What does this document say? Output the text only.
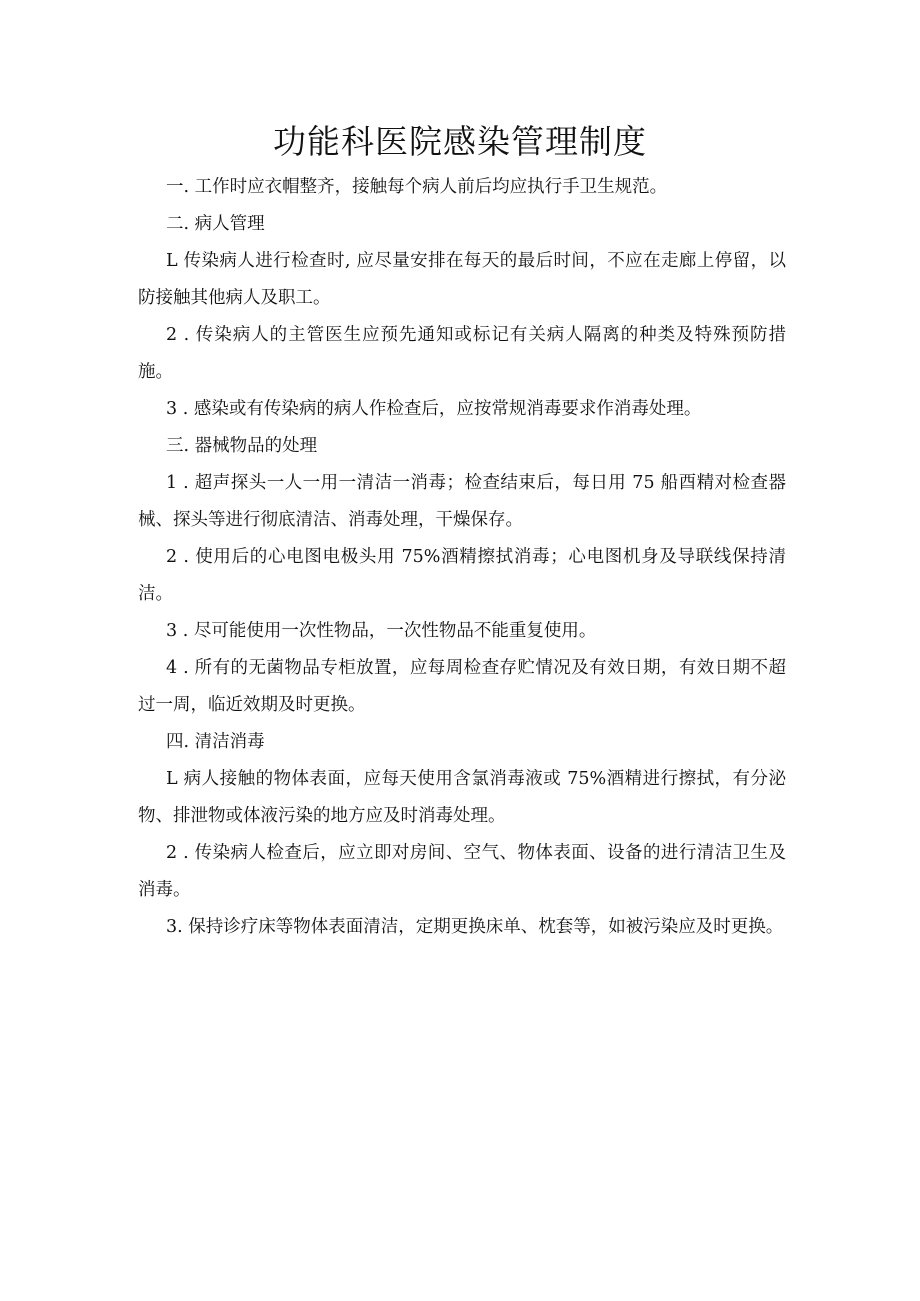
功能科医院感染管理制度

一. 工作时应衣帽整齐，接触每个病人前后均应执行手卫生规范。

二. 病人管理

L 传染病人进行检查时, 应尽量安排在每天的最后时间，不应在走廊上停留，以防接触其他病人及职工。

2 . 传染病人的主管医生应预先通知或标记有关病人隔离的种类及特殊预防措施。

3 . 感染或有传染病的病人作检查后，应按常规消毒要求作消毒处理。

三. 器械物品的处理

1 . 超声探头一人一用一清洁一消毒；检查结束后，每日用 75 船酉精对检查器械、探头等进行彻底清洁、消毒处理，干燥保存。

2 . 使用后的心电图电极头用 75%酒精擦拭消毒；心电图机身及导联线保持清洁。

3 . 尽可能使用一次性物品，一次性物品不能重复使用。

4 . 所有的无菌物品专柜放置，应每周检查存贮情况及有效日期，有效日期不超过一周，临近效期及时更换。

四. 清洁消毒

L 病人接触的物体表面，应每天使用含氯消毒液或 75%酒精进行擦拭，有分泌物、排泄物或体液污染的地方应及时消毒处理。

2 . 传染病人检查后，应立即对房间、空气、物体表面、设备的进行清洁卫生及消毒。

3. 保持诊疗床等物体表面清洁，定期更换床单、枕套等，如被污染应及时更换。
